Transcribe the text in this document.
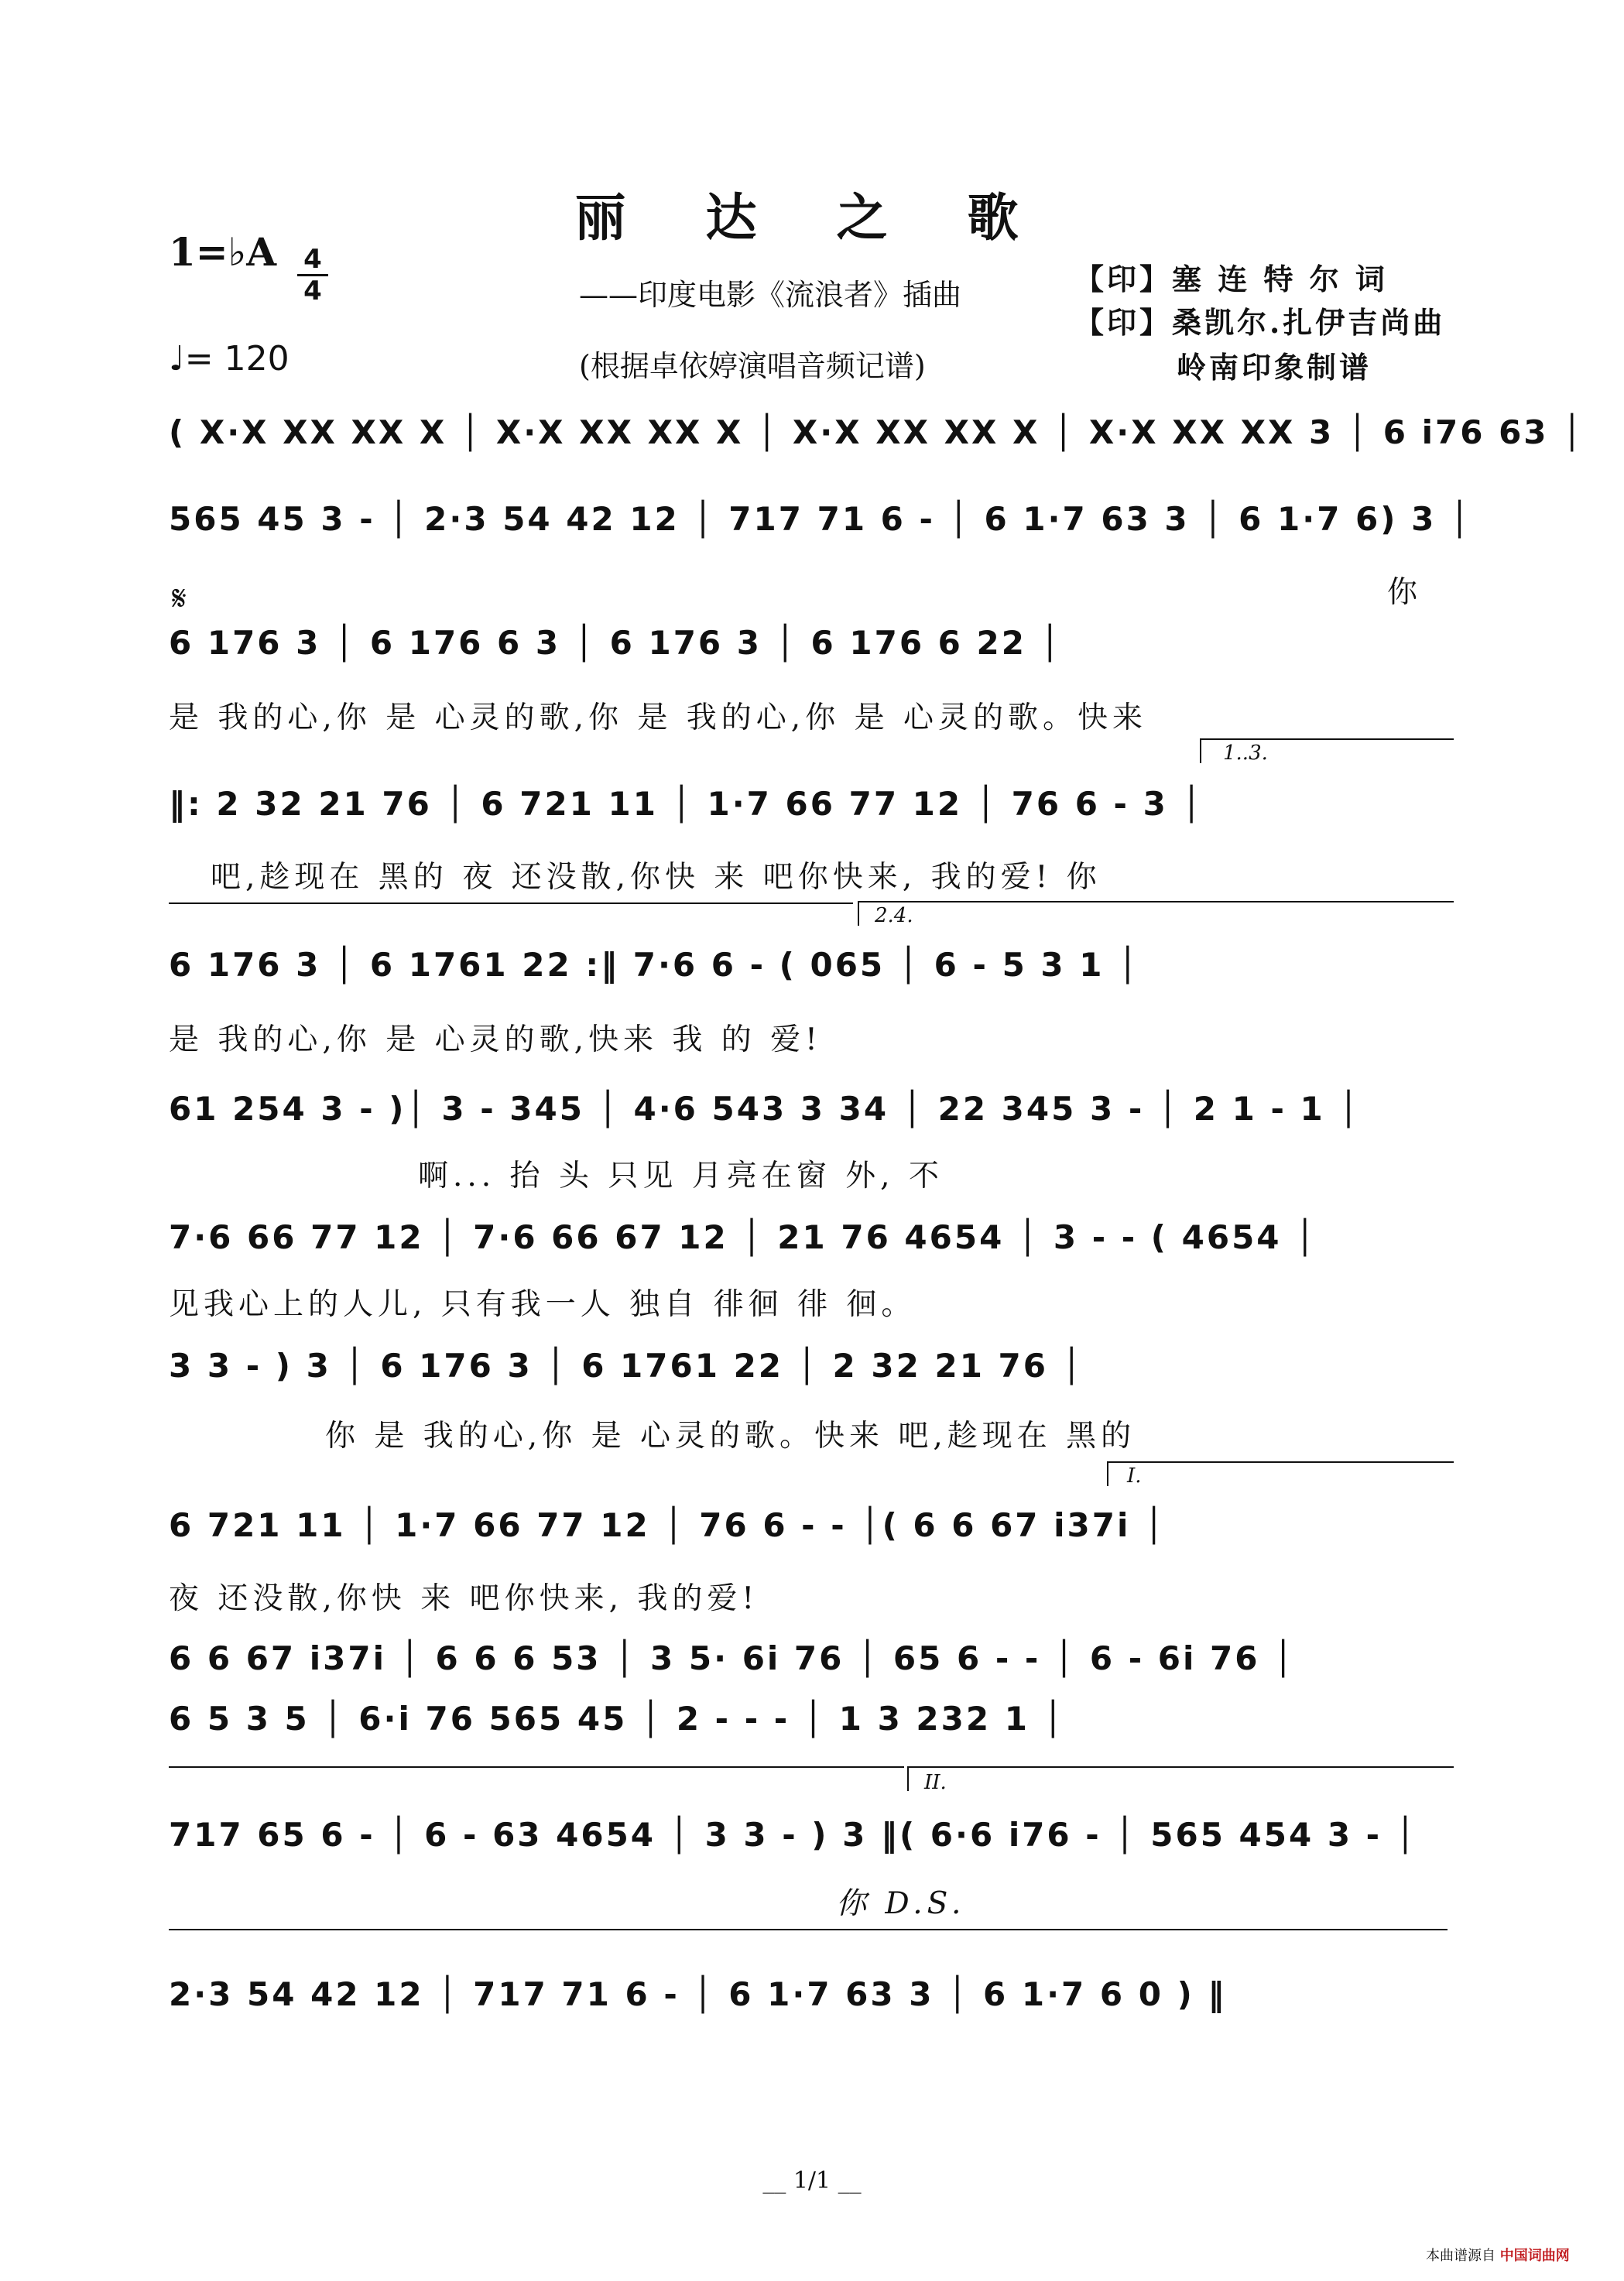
丽 达 之 歌
1=♭A 4
4
♩= 120
——印度电影《流浪者》插曲
(根据卓依婷演唱音频记谱)
【印】塞 连 特 尔 词
【印】桑凯尔.扎伊吉尚曲
岭南印象制谱
( X·X XX XX X │ X·X XX XX X │ X·X XX XX X │ X·X XX XX 3 │ 6 i76 63 │
565 45 3 - │ 2·3 54 42 12 │ 717 71 6 - │ 6 1·7 63 3 │ 6 1·7 6) 3 │
你
𝄋
6 176 3 │ 6 176 6 3 │ 6 176 3 │ 6 176 6 22 │
是 我的心,你 是 心灵的歌,你 是 我的心,你 是 心灵的歌。快来
1..3.
‖: 2 32 21 76 │ 6 721 11 │ 1·7 66 77 12 │ 76 6 - 3 │
吧,趁现在 黑的 夜 还没散,你快 来 吧你快来, 我的爱! 你
2.4.
6 176 3 │ 6 1761 22 :‖ 7·6 6 - ( 065 │ 6 - 5 3 1 │
是 我的心,你 是 心灵的歌,快来 我 的 爱!
61 254 3 - )│ 3 - 345 │ 4·6 543 3 34 │ 22 345 3 - │ 2 1 - 1 │
啊... 抬 头 只见 月亮在窗 外, 不
7·6 66 77 12 │ 7·6 66 67 12 │ 21 76 4654 │ 3 - - ( 4654 │
见我心上的人儿, 只有我一人 独自 徘徊 徘 徊。
3 3 - ) 3 │ 6 176 3 │ 6 1761 22 │ 2 32 21 76 │
你 是 我的心,你 是 心灵的歌。快来 吧,趁现在 黑的
I.
6 721 11 │ 1·7 66 77 12 │ 76 6 - - │( 6 6 67 i37i │
夜 还没散,你快 来 吧你快来, 我的爱!
6 6 67 i37i │ 6 6 6 53 │ 3 5· 6i 76 │ 65 6 - - │ 6 - 6i 76 │
6 5 3 5 │ 6·i 76 565 45 │ 2 - - - │ 1 3 232 1 │
II.
717 65 6 - │ 6 - 63 4654 │ 3 3 - ) 3 ‖( 6·6 i76 - │ 565 454 3 - │
你 D.S.
2·3 54 42 12 │ 717 71 6 - │ 6 1·7 63 3 │ 6 1·7 6 0 ) ‖
__ 1/1 __
本曲谱源自 中国词曲网
